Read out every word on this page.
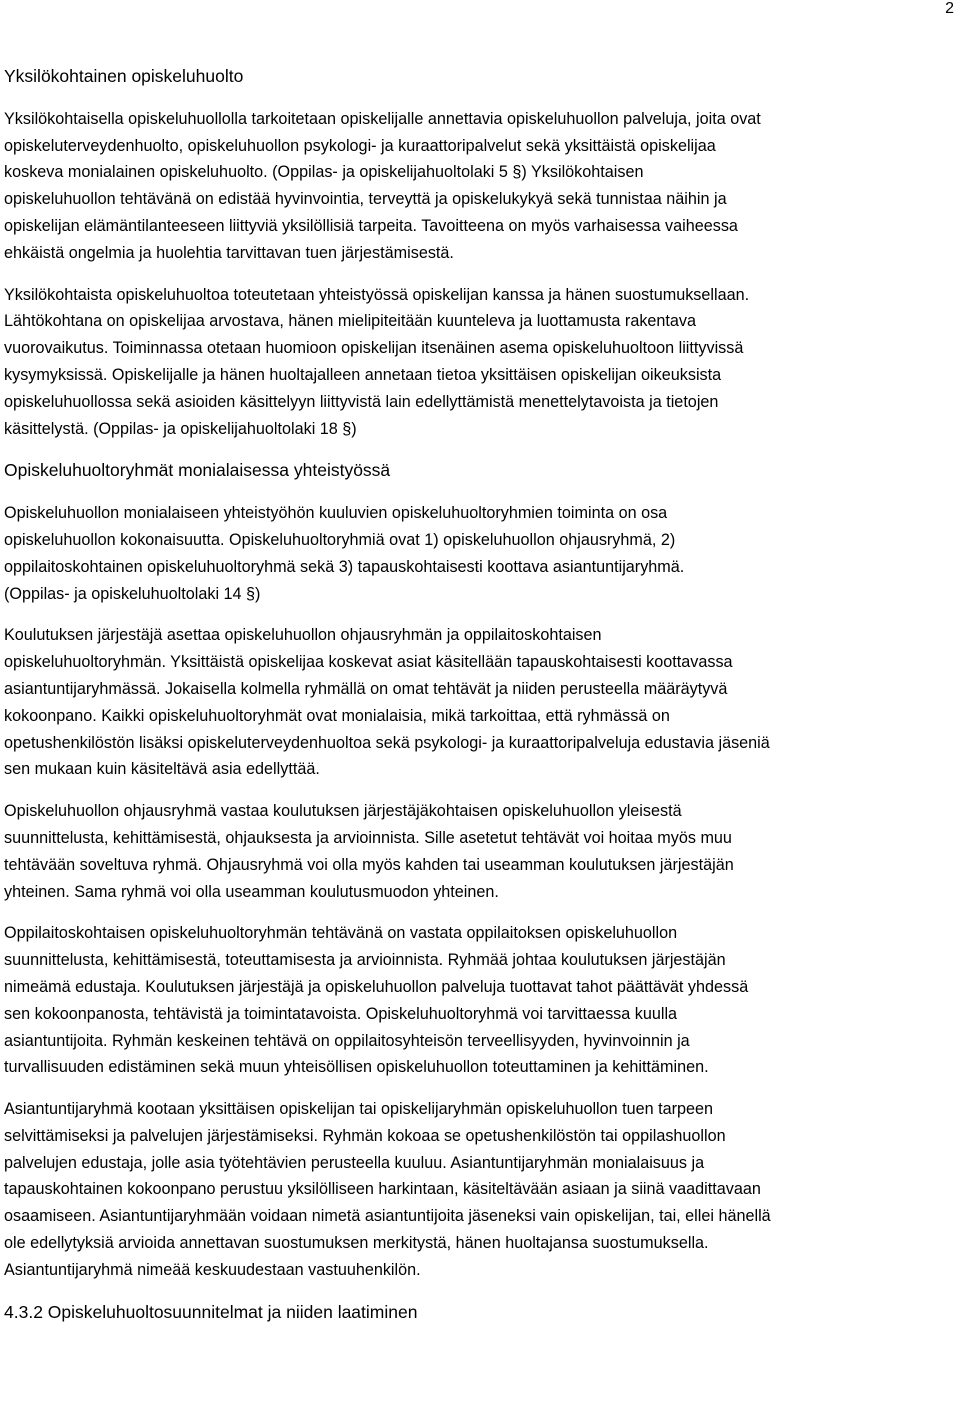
2
Yksilökohtainen opiskeluhuolto
Yksilökohtaisella opiskeluhuollolla tarkoitetaan opiskelijalle annettavia opiskeluhuollon palveluja, joita ovat
opiskeluterveydenhuolto, opiskeluhuollon psykologi- ja kuraattoripalvelut sekä yksittäistä opiskelijaa
koskeva monialainen opiskeluhuolto. (Oppilas- ja opiskelijahuoltolaki 5 §) Yksilökohtaisen
opiskeluhuollon tehtävänä on edistää hyvinvointia, terveyttä ja opiskelukykyä sekä tunnistaa näihin ja
opiskelijan elämäntilanteeseen liittyviä yksilöllisiä tarpeita. Tavoitteena on myös varhaisessa vaiheessa
ehkäistä ongelmia ja huolehtia tarvittavan tuen järjestämisestä.
Yksilökohtaista opiskeluhuoltoa toteutetaan yhteistyössä opiskelijan kanssa ja hänen suostumuksellaan.
Lähtökohtana on opiskelijaa arvostava, hänen mielipiteitään kuunteleva ja luottamusta rakentava
vuorovaikutus. Toiminnassa otetaan huomioon opiskelijan itsenäinen asema opiskeluhuoltoon liittyvissä
kysymyksissä. Opiskelijalle ja hänen huoltajalleen annetaan tietoa yksittäisen opiskelijan oikeuksista
opiskeluhuollossa sekä asioiden käsittelyyn liittyvistä lain edellyttämistä menettelytavoista ja tietojen
käsittelystä. (Oppilas- ja opiskelijahuoltolaki 18 §)
Opiskeluhuoltoryhmät monialaisessa yhteistyössä
Opiskeluhuollon monialaiseen yhteistyöhön kuuluvien opiskeluhuoltoryhmien toiminta on osa
opiskeluhuollon kokonaisuutta. Opiskeluhuoltoryhmiä ovat 1) opiskeluhuollon ohjausryhmä, 2)
oppilaitoskohtainen opiskeluhuoltoryhmä sekä 3) tapauskohtaisesti koottava asiantuntijaryhmä.
(Oppilas- ja opiskeluhuoltolaki 14 §)
Koulutuksen järjestäjä asettaa opiskeluhuollon ohjausryhmän ja oppilaitoskohtaisen
opiskeluhuoltoryhmän. Yksittäistä opiskelijaa koskevat asiat käsitellään tapauskohtaisesti koottavassa
asiantuntijaryhmässä. Jokaisella kolmella ryhmällä on omat tehtävät ja niiden perusteella määräytyvä
kokoonpano. Kaikki opiskeluhuoltoryhmät ovat monialaisia, mikä tarkoittaa, että ryhmässä on
opetushenkilöstön lisäksi opiskeluterveydenhuoltoa sekä psykologi- ja kuraattoripalveluja edustavia jäseniä
sen mukaan kuin käsiteltävä asia edellyttää.
Opiskeluhuollon ohjausryhmä vastaa koulutuksen järjestäjäkohtaisen opiskeluhuollon yleisestä
suunnittelusta, kehittämisestä, ohjauksesta ja arvioinnista. Sille asetetut tehtävät voi hoitaa myös muu
tehtävään soveltuva ryhmä. Ohjausryhmä voi olla myös kahden tai useamman koulutuksen järjestäjän
yhteinen. Sama ryhmä voi olla useamman koulutusmuodon yhteinen.
Oppilaitoskohtaisen opiskeluhuoltoryhmän tehtävänä on vastata oppilaitoksen opiskeluhuollon
suunnittelusta, kehittämisestä, toteuttamisesta ja arvioinnista. Ryhmää johtaa koulutuksen järjestäjän
nimeämä edustaja. Koulutuksen järjestäjä ja opiskeluhuollon palveluja tuottavat tahot päättävät yhdessä
sen kokoonpanosta, tehtävistä ja toimintatavoista. Opiskeluhuoltoryhmä voi tarvittaessa kuulla
asiantuntijoita. Ryhmän keskeinen tehtävä on oppilaitosyhteisön terveellisyyden, hyvinvoinnin ja
turvallisuuden edistäminen sekä muun yhteisöllisen opiskeluhuollon toteuttaminen ja kehittäminen.
Asiantuntijaryhmä kootaan yksittäisen opiskelijan tai opiskelijaryhmän opiskeluhuollon tuen tarpeen
selvittämiseksi ja palvelujen järjestämiseksi. Ryhmän kokoaa se opetushenkilöstön tai oppilashuollon
palvelujen edustaja, jolle asia työtehtävien perusteella kuuluu. Asiantuntijaryhmän monialaisuus ja
tapauskohtainen kokoonpano perustuu yksilölliseen harkintaan, käsiteltävään asiaan ja siinä vaadittavaan
osaamiseen. Asiantuntijaryhmään voidaan nimetä asiantuntijoita jäseneksi vain opiskelijan, tai, ellei hänellä
ole edellytyksiä arvioida annettavan suostumuksen merkitystä, hänen huoltajansa suostumuksella.
Asiantuntijaryhmä nimeää keskuudestaan vastuuhenkilön.
4.3.2 Opiskeluhuoltosuunnitelmat ja niiden laatiminen
